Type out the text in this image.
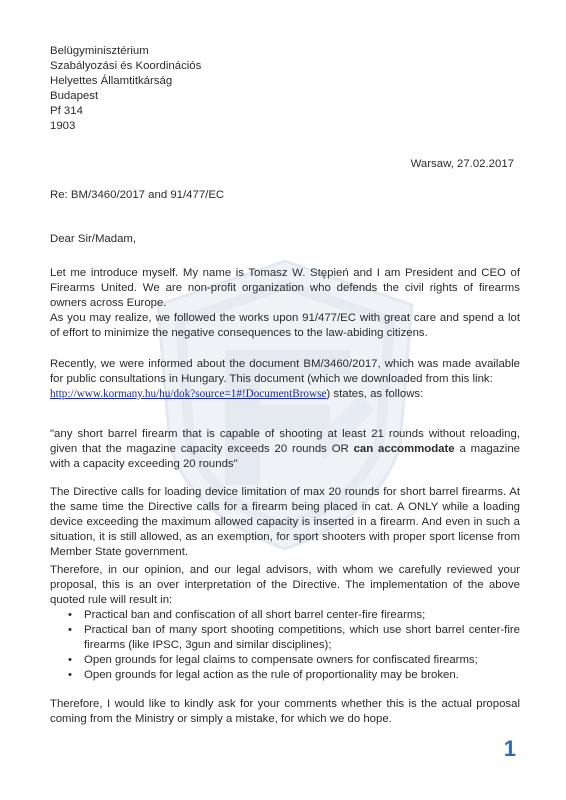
Belügyminisztérium
Szabályozási és Koordinációs
Helyettes Államtitkárság
Budapest
Pf 314
1903
Warsaw, 27.02.2017
Re: BM/3460/2017 and 91/477/EC
Dear Sir/Madam,
Let me introduce myself. My name is Tomasz W. Stępień and I am President and CEO of Firearms United. We are non-profit organization who defends the civil rights of firearms owners across Europe.
As you may realize, we followed the works upon 91/477/EC with great care and spend a lot of effort to minimize the negative consequences to the law-abiding citizens.
Recently, we were informed about the document BM/3460/2017, which was made available for public consultations in Hungary. This document (which we downloaded from this link:
http://www.kormany.hu/hu/dok?source=1#!DocumentBrowse) states, as follows:
"any short barrel firearm that is capable of shooting at least 21 rounds without reloading, given that the magazine capacity exceeds 20 rounds OR can accommodate a magazine with a capacity exceeding 20 rounds"
The Directive calls for loading device limitation of max 20 rounds for short barrel firearms. At the same time the Directive calls for a firearm being placed in cat. A ONLY while a loading device exceeding the maximum allowed capacity is inserted in a firearm. And even in such a situation, it is still allowed, as an exemption, for sport shooters with proper sport license from Member State government.
Therefore, in our opinion, and our legal advisors, with whom we carefully reviewed your proposal, this is an over interpretation of the Directive. The implementation of the above quoted rule will result in:
• Practical ban and confiscation of all short barrel center-fire firearms;
• Practical ban of many sport shooting competitions, which use short barrel center-fire firearms (like IPSC, 3gun and similar disciplines);
• Open grounds for legal claims to compensate owners for confiscated firearms;
• Open grounds for legal action as the rule of proportionality may be broken.
Therefore, I would like to kindly ask for your comments whether this is the actual proposal coming from the Ministry or simply a mistake, for which we do hope.
1
